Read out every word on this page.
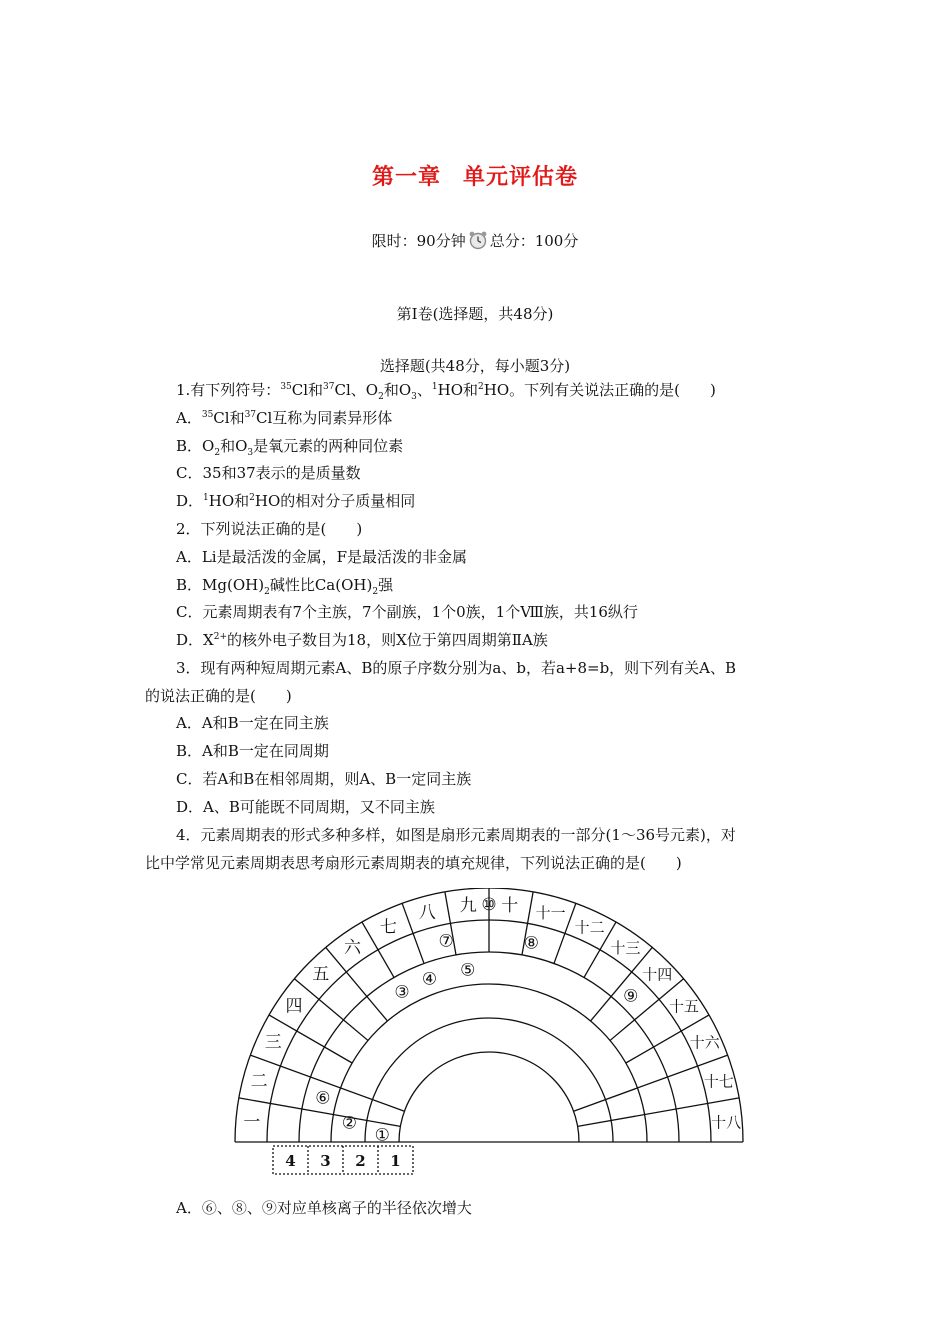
第一章 单元评估卷
限时：90分钟 总分：100分
第Ⅰ卷(选择题，共48分)
选择题(共48分，每小题3分)
1.有下列符号：$^{35}$Cl和$^{37}$Cl、$O_2$和$O_3$、$^1$HO和$^2$HO。下列有关说法正确的是(　　)
A．$^{35}$Cl和$^{37}$Cl互称为同素异形体
B．$O_2$和$O_3$是氧元素的两种同位素
C．35和37表示的是质量数
D．$^1$HO和$^2$HO的相对分子质量相同
2．下列说法正确的是(　　)
A．Li是最活泼的金属，F是最活泼的非金属
B．$Mg(OH)_2$碱性比$Ca(OH)_2$强
C．元素周期表有7个主族，7个副族，1个0族，1个Ⅷ族，共16纵行
D．$X^{2+}$的核外电子数目为18，则X位于第四周期第ⅡA族
3．现有两种短周期元素A、B的原子序数分别为a、b，若a+8=b，则下列有关A、B
的说法正确的是(　　)
A．A和B一定在同主族
B．A和B一定在同周期
C．若A和B在相邻周期，则A、B一定同主族
D．A、B可能既不同周期，又不同主族
4．元素周期表的形式多种多样，如图是扇形元素周期表的一部分(1～36号元素)，对
比中学常见元素周期表思考扇形元素周期表的填充规律，下列说法正确的是(　　)
一
二
三
四
五
六
七
八 九 十 十一
十二
十三
十四
十五
十六
十七
十八
4 3 2 1
①
②
③
④ ⑤
⑥
⑦	⑧
⑨
⑩
A．⑥、⑧、⑨对应单核离子的半径依次增大
